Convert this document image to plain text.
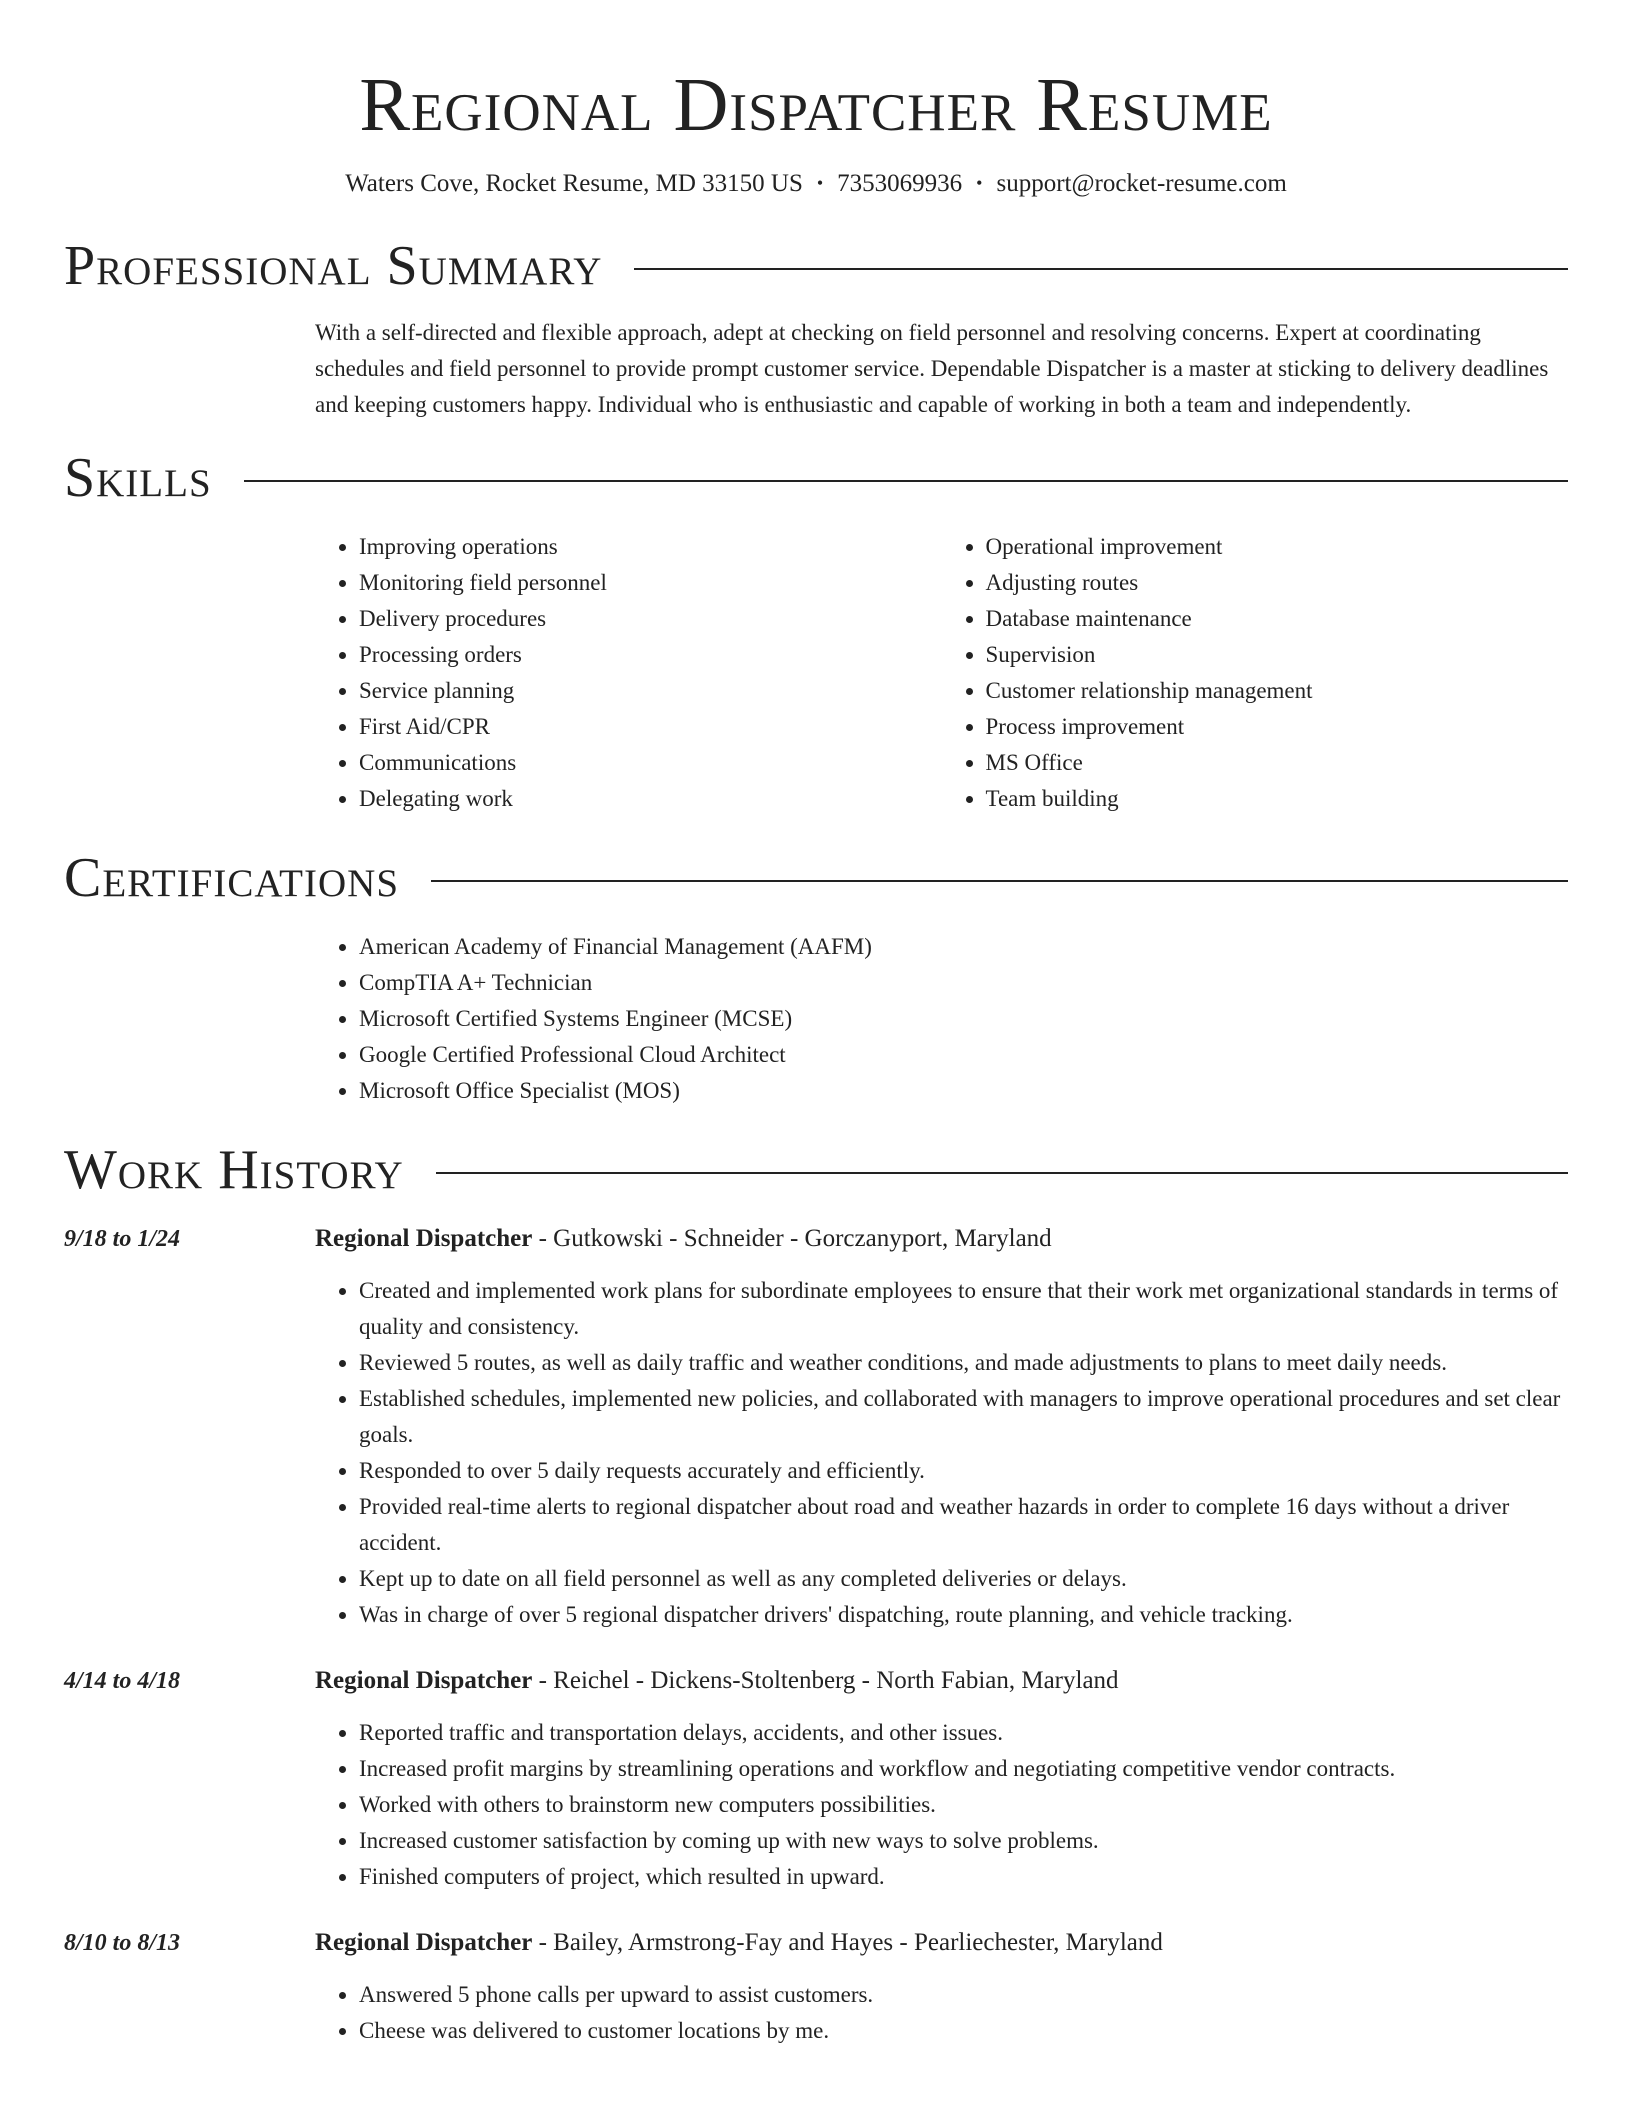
Regional Dispatcher Resume
Waters Cove, Rocket Resume, MD 33150 US • 7353069936 • support@rocket-resume.com
Professional Summary
With a self-directed and flexible approach, adept at checking on field personnel and resolving concerns. Expert at coordinating schedules and field personnel to provide prompt customer service. Dependable Dispatcher is a master at sticking to delivery deadlines and keeping customers happy. Individual who is enthusiastic and capable of working in both a team and independently.
Skills
• Improving operations
• Monitoring field personnel
• Delivery procedures
• Processing orders
• Service planning
• First Aid/CPR
• Communications
• Delegating work
• Operational improvement
• Adjusting routes
• Database maintenance
• Supervision
• Customer relationship management
• Process improvement
• MS Office
• Team building
Certifications
• American Academy of Financial Management (AAFM)
• CompTIA A+ Technician
• Microsoft Certified Systems Engineer (MCSE)
• Google Certified Professional Cloud Architect
• Microsoft Office Specialist (MOS)
Work History
9/18 to 1/24	Regional Dispatcher - Gutkowski - Schneider - Gorczanyport, Maryland
• Created and implemented work plans for subordinate employees to ensure that their work met organizational standards in terms of quality and consistency.
• Reviewed 5 routes, as well as daily traffic and weather conditions, and made adjustments to plans to meet daily needs.
• Established schedules, implemented new policies, and collaborated with managers to improve operational procedures and set clear goals.
• Responded to over 5 daily requests accurately and efficiently.
• Provided real-time alerts to regional dispatcher about road and weather hazards in order to complete 16 days without a driver accident.
• Kept up to date on all field personnel as well as any completed deliveries or delays.
• Was in charge of over 5 regional dispatcher drivers' dispatching, route planning, and vehicle tracking.
4/14 to 4/18	Regional Dispatcher - Reichel - Dickens-Stoltenberg - North Fabian, Maryland
• Reported traffic and transportation delays, accidents, and other issues.
• Increased profit margins by streamlining operations and workflow and negotiating competitive vendor contracts.
• Worked with others to brainstorm new computers possibilities.
• Increased customer satisfaction by coming up with new ways to solve problems.
• Finished computers of project, which resulted in upward.
8/10 to 8/13	Regional Dispatcher - Bailey, Armstrong-Fay and Hayes - Pearliechester, Maryland
• Answered 5 phone calls per upward to assist customers.
• Cheese was delivered to customer locations by me.
